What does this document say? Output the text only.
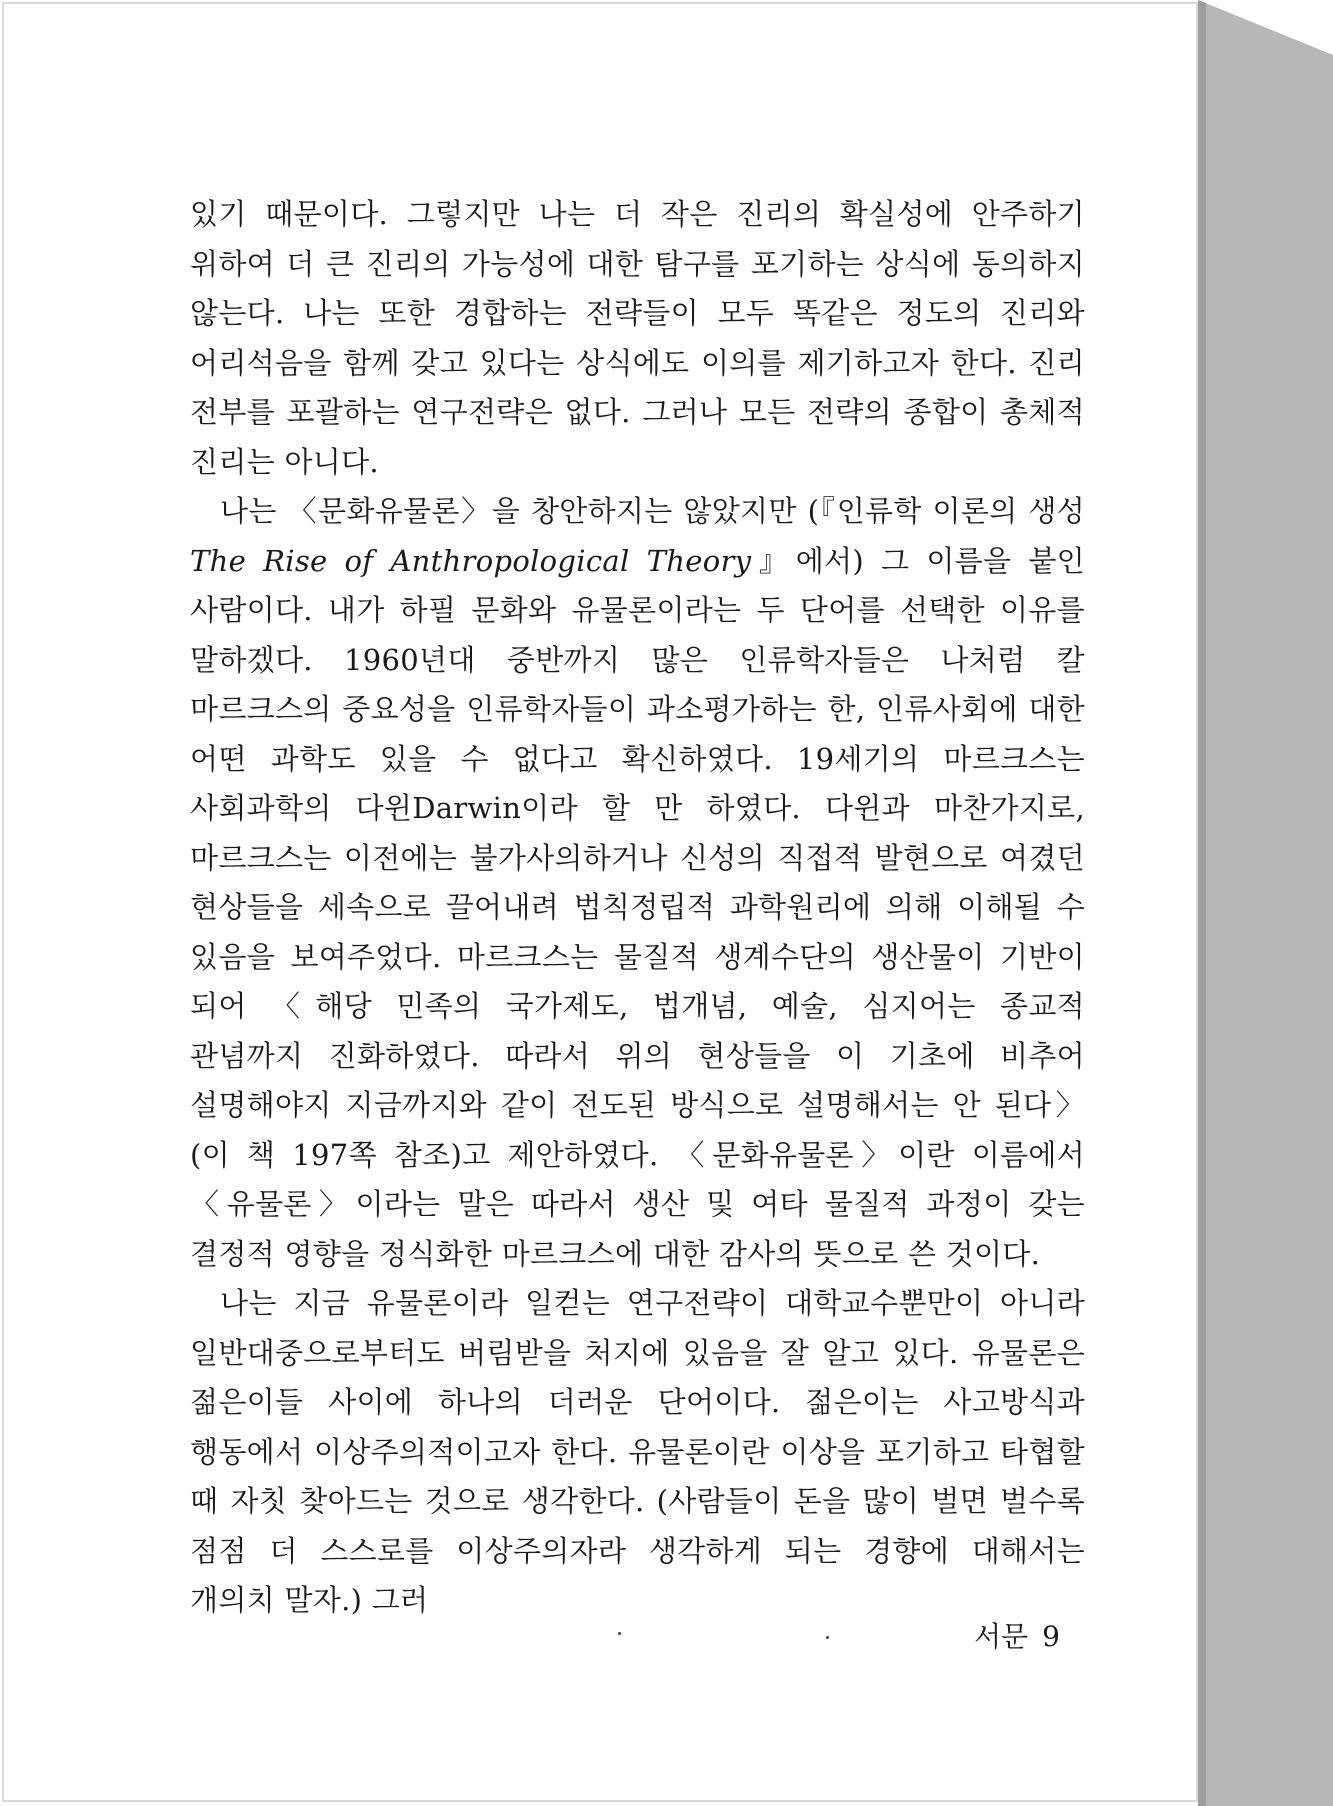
있기 때문이다. 그렇지만 나는 더 작은 진리의 확실성에 안주하기 위하여 더 큰 진리의 가능성에 대한 탐구를 포기하는 상식에 동의하지 않는다. 나는 또한 경합하는 전략들이 모두 똑같은 정도의 진리와 어리석음을 함께 갖고 있다는 상식에도 이의를 제기하고자 한다. 진리 전부를 포괄하는 연구전략은 없다. 그러나 모든 전략의 종합이 총체적 진리는 아니다.

나는 〈문화유물론〉을 창안하지는 않았지만 (『인류학 이론의 생성 The Rise of Anthropological Theory』에서) 그 이름을 붙인 사람이다. 내가 하필 문화와 유물론이라는 두 단어를 선택한 이유를 말하겠다. 1960년대 중반까지 많은 인류학자들은 나처럼 칼 마르크스의 중요성을 인류학자들이 과소평가하는 한, 인류사회에 대한 어떤 과학도 있을 수 없다고 확신하였다. 19세기의 마르크스는 사회과학의 다윈Darwin이라 할 만 하였다. 다윈과 마찬가지로, 마르크스는 이전에는 불가사의하거나 신성의 직접적 발현으로 여겼던 현상들을 세속으로 끌어내려 법칙정립적 과학원리에 의해 이해될 수 있음을 보여주었다. 마르크스는 물질적 생계수단의 생산물이 기반이 되어 〈해당 민족의 국가제도, 법개념, 예술, 심지어는 종교적 관념까지 진화하였다. 따라서 위의 현상들을 이 기초에 비추어 설명해야지 지금까지와 같이 전도된 방식으로 설명해서는 안 된다〉(이 책 197쪽 참조)고 제안하였다. 〈문화유물론〉이란 이름에서 〈유물론〉이라는 말은 따라서 생산 및 여타 물질적 과정이 갖는 결정적 영향을 정식화한 마르크스에 대한 감사의 뜻으로 쓴 것이다.

나는 지금 유물론이라 일컫는 연구전략이 대학교수뿐만이 아니라 일반대중으로부터도 버림받을 처지에 있음을 잘 알고 있다. 유물론은 젊은이들 사이에 하나의 더러운 단어이다. 젊은이는 사고방식과 행동에서 이상주의적이고자 한다. 유물론이란 이상을 포기하고 타협할 때 자칫 찾아드는 것으로 생각한다. (사람들이 돈을 많이 벌면 벌수록 점점 더 스스로를 이상주의자라 생각하게 되는 경향에 대해서는 개의치 말자.) 그러

서문 9
